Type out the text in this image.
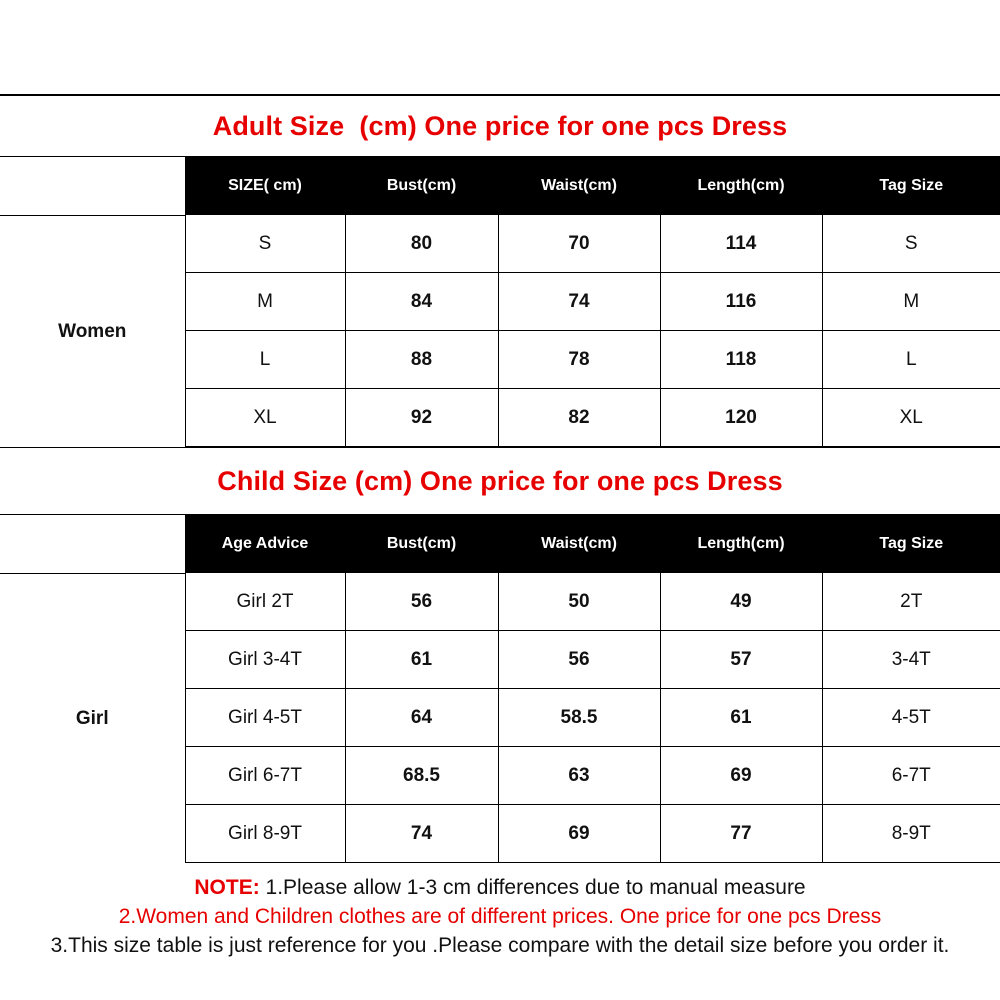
Adult Size  (cm) One price for one pcs Dress
Women
SIZE( cm)	Bust(cm)	Waist(cm)	Length(cm)	Tag Size
S	80	70	114	S
M	84	74	116	M
L	88	78	118	L
XL	92	82	120	XL
Child Size (cm) One price for one pcs Dress
Girl
Age Advice	Bust(cm)	Waist(cm)	Length(cm)	Tag Size
Girl 2T	56	50	49	2T
Girl 3-4T	61	56	57	3-4T
Girl 4-5T	64	58.5	61	4-5T
Girl 6-7T	68.5	63	69	6-7T
Girl 8-9T	74	69	77	8-9T
NOTE: 1.Please allow 1-3 cm differences due to manual measure
2.Women and Children clothes are of different prices. One price for one pcs Dress
3.This size table is just reference for you .Please compare with the detail size before you order it.
